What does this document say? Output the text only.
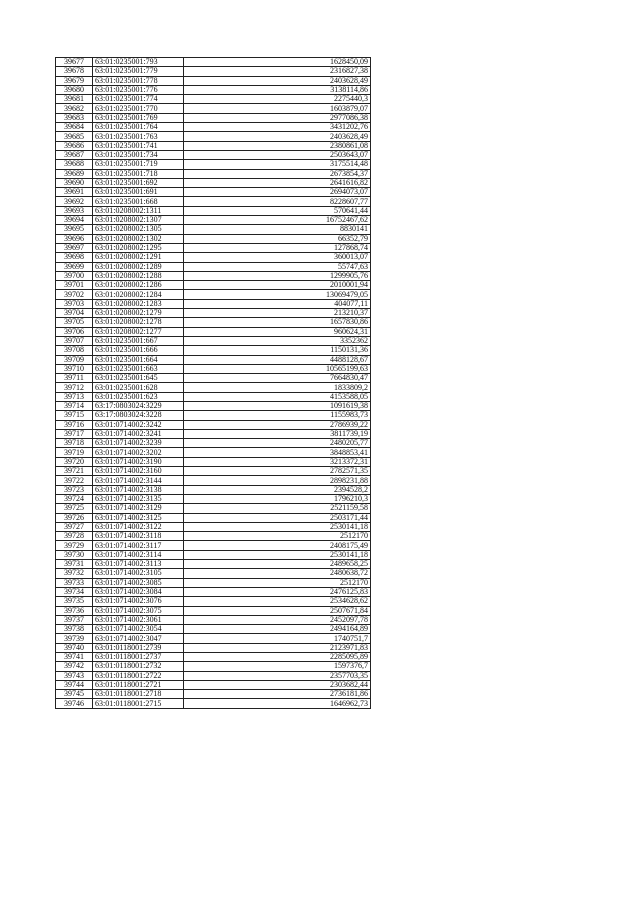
39677	63:01:0235001:793	1628450,09
39678	63:01:0235001:779	2316827,38
39679	63:01:0235001:778	2403628,49
39680	63:01:0235001:776	3138114,86
39681	63:01:0235001:774	2275440,3
39682	63:01:0235001:770	1603879,07
39683	63:01:0235001:769	2977086,38
39684	63:01:0235001:764	3431202,76
39685	63:01:0235001:763	2403628,49
39686	63:01:0235001:741	2380861,08
39687	63:01:0235001:734	2503643,07
39688	63:01:0235001:719	3175514,48
39689	63:01:0235001:718	2673854,37
39690	63:01:0235001:692	2641616,82
39691	63:01:0235001:691	2694073,07
39692	63:01:0235001:668	8228607,77
39693	63:01:0208002:1311	570641,44
39694	63:01:0208002:1307	16752467,62
39695	63:01:0208002:1305	8830141
39696	63:01:0208002:1302	66352,79
39697	63:01:0208002:1295	127868,74
39698	63:01:0208002:1291	360013,07
39699	63:01:0208002:1289	55747,63
39700	63:01:0208002:1288	1299905,76
39701	63:01:0208002:1286	2010001,94
39702	63:01:0208002:1284	13069479,05
39703	63:01:0208002:1283	404077,11
39704	63:01:0208002:1279	213210,37
39705	63:01:0208002:1278	1657830,86
39706	63:01:0208002:1277	960624,31
39707	63:01:0235001:667	3352362
39708	63:01:0235001:666	1150131,36
39709	63:01:0235001:664	4488128,67
39710	63:01:0235001:663	10565199,63
39711	63:01:0235001:645	7664830,47
39712	63:01:0235001:628	1833809,2
39713	63:01:0235001:623	4153588,05
39714	63:17:0803024:3229	1091619,38
39715	63:17:0803024:3228	1155983,73
39716	63:01:0714002:3242	2786939,22
39717	63:01:0714002:3241	3811739,19
39718	63:01:0714002:3239	2480205,77
39719	63:01:0714002:3202	3848853,41
39720	63:01:0714002:3190	3213372,31
39721	63:01:0714002:3160	2782571,35
39722	63:01:0714002:3144	2898231,88
39723	63:01:0714002:3138	2394528,2
39724	63:01:0714002:3135	1796210,3
39725	63:01:0714002:3129	2521159,58
39726	63:01:0714002:3125	2503171,44
39727	63:01:0714002:3122	2530141,18
39728	63:01:0714002:3118	2512170
39729	63:01:0714002:3117	2408175,49
39730	63:01:0714002:3114	2530141,18
39731	63:01:0714002:3113	2489658,25
39732	63:01:0714002:3105	2480638,72
39733	63:01:0714002:3085	2512170
39734	63:01:0714002:3084	2476125,83
39735	63:01:0714002:3076	2534628,62
39736	63:01:0714002:3075	2507671,84
39737	63:01:0714002:3061	2452097,78
39738	63:01:0714002:3054	2494164,89
39739	63:01:0714002:3047	1740751,7
39740	63:01:0118001:2739	2123971,83
39741	63:01:0118001:2737	2285095,89
39742	63:01:0118001:2732	1597376,7
39743	63:01:0118001:2722	2357703,35
39744	63:01:0118001:2721	2303682,44
39745	63:01:0118001:2718	2736181,86
39746	63:01:0118001:2715	1646962,73
